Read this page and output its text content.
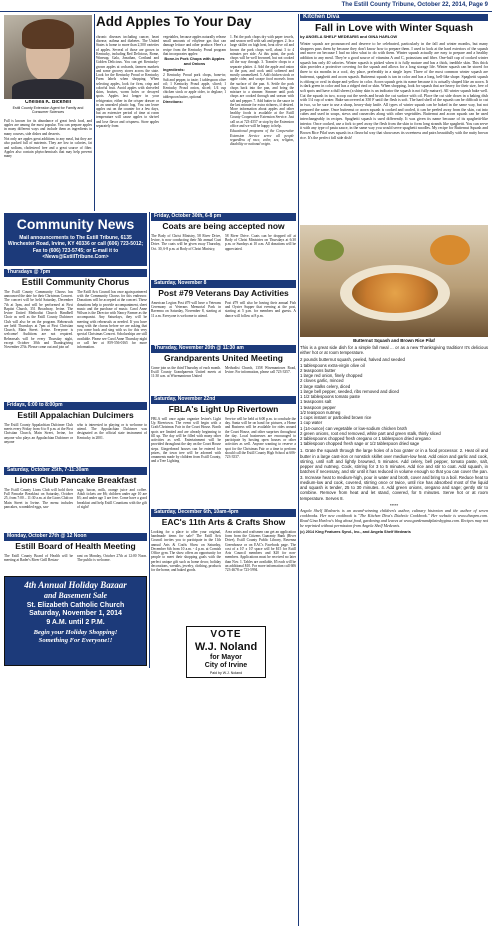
The Estill County Tribune, October 22, 2014, Page 9
Chelsea K. Bicknell
Estill County Extension Agent for Family and Consumer Sciences

Fall is known for its abundance of great fresh food, and apples are among the most popular. You can prepare apples in many different ways and include them as ingredients in many courses, side dishes and desserts.

Not only are apples great additions to any meal, but they are also packed full of nutrients. They are low in calories, fat and sodium, cholesterol free and a great source of fiber. Apples also contain phytochemicals that may help prevent many

Add Apples To Your Day
chronic diseases including cancer, heart disease, asthma and diabetes. The United States is home to more than 2,500 varieties of apples. Several of those are grown in Kentucky, including Red Delicious, Rome, Winesap, Gala, Jonathan, Cortland and Golden Delicious. You can get Kentucky-grown apples at orchards, farmers markets and some grocery stores across the state. Look for the Kentucky Proud or Kentucky Farm labels when shopping. When selecting apples, look for firm, crisp and colorful fruit. Avoid apples with shriveled skins, bruises, worm holes or decayed spots. Apples last longer in your refrigerator, either in the crisper drawer or in an unsealed plastic bag. You can leave apples out on the counter for a few days, but an extensive period of time at room temperature will cause apples to shrivel and lose flavor and crispness. Store apples separately from

vegetables, because apples naturally release small amounts of ethylene gas that can damage lettuce and other produce. Here's a recipe from the Kentucky Proud program that incorporates apples:

Bone-in Pork Chops with Apples and Onions

Ingredients:

2 Kentucky Proud pork chops, bone-in; Salt and pepper, to taste; 1 tablespoon olive oil; 1 Kentucky Proud apple, sliced; 1 Kentucky Proud onion, sliced; 1/4 cup chicken stock or apple cider, to deglaze; 1 tablespoon butter, optional

Directions:

1. Pat the pork chops dry with paper towels, and season well with salt and pepper. 2. In a large skillet on high heat, heat olive oil and brown the pork chops well, about 3 to 4 minutes per side. At this point, the pork chops will be well browned, but not cooked all the way through. 3. Transfer chops to a separate platter. 4. Add the apple and onion to the pan, and cook until softened and mostly caramelized. 5. Add chicken stock or apple cider, and scrape food morsels from the surface of the pan. 6. Settle the pork chops back into the pan, and bring the mixture to a simmer. Simmer until pork chops are cooked through and season with salt and pepper. 7. Add butter to the sauce in the last minute for extra richness, if desired. More information about apples and other healthy foods is available at the Estill County Cooperative Extension Service. Just call us at 723-4557 or stop by the Extension office and we will be happy to help.

Educational programs of the Cooperative Extension Service serve all people regardless of race, color, sex, religion, disability or national origin.

Community News
Mail announcements to The Estill Tribune, 6135 Winchester Road, Irvine, KY 40336 or call (606) 723-5012; Fax to (606) 723-5745; or E-mail it to <News@EstillTribune.Com>
Thursdays @ 7pm
Estill Community Chorus
The Estill County Community Chorus has announced the date for their Christmas Concert. The concert will be held Saturday, December 7th at 3pm, and will be performed at First Baptist Church, 351 Broadway, Irvine. The Irvine United Methodist Church Handbell Choir as well as the Estill County Dulcimer Club will also be on the program. Rehearsals are held Thursdays at 7pm at First Christian Church, Main Street. Irvine. Everyone is welcome! Auditions are not required. Rehearsals will be every Thursday night, except October 30th and Thanksgiving November 27th. Please come out and join us!
The Estill Arts Council has once again partnered with the Community Chorus for this endeavor. Donations will be accepted at the concert. These donations help to provide accompaniment, sheet music and the purchase of music. Carol Anne Wilson is the Director with Nancy Farmer as the accompanist. Any Saturdays, they will be meeting with rehearsals as needed. If you have sung with the chorus before we are asking that you come back and sing with us for this very special Christmas Concert. Scholarships are still available. Please see Carol Anne Thursday night or call her at 859-556-0165 for more information.
Fridays, 6:00 to 8:00pm
Estill Appalachian Dulcimers
The Estill County Appalachian Dulcimer Club meets every Friday from 6 to 8 p.m. at the First Christian Church, Main Street, Irvine, for anyone who plays an Appalachian Dulcimer or anyone
who is interested in playing or is welcome to attend. The Appalachian Dulcimer was designated as the official state instrument of Kentucky in 2001.
Saturday, October 25th, 7-11:30am
Lions Club Pancake Breakfast
The Estill County Lions Club will hold their Fall Pancake Breakfast on Saturday, October 25, from 7:00 – 11:30 a.m. at the Lions Club on Main Street in Irvine. The menu includes pancakes, scrambled eggs, sau-
sage, bacon, milk, orange juice and coffee. Adult tickets are $6; children under age 10 are $3; and under age 3 are free. Come have a good breakfast and help Estill Countians with the gift of sight!
Monday, October 27th @ 12 Noon
Estill Board of Health Meeting
The Estill County Board of Health will be meeting at Rader's River Grill Restau-
rant on Monday, October 27th at 12:00 Noon. The public is welcome.
4th Annual Holiday Bazaar
and Basement Sale
St. Elizabeth Catholic Church
Saturday, November 1, 2014
9 A.M. until 2 P.M.
Begin your Holiday Shopping!
Something For Everyone!!
Friday, October 30th, 6-8 pm
Coats are being accepted now
The Body of Christ Ministry, 58 River Drive, Irvine, is now conducting their 5th annual Coat Drive. The coats will be given away Thursday, Oct. 30, 6-8 p.m. at Body of Christ Ministry,
58 River Drive. Coats can be dropped off at Body of Christ Ministries on Thursdays at 6:30 p.m. or Sundays at 10 a.m. All donations will be appreciated.
Saturday, November 8
Post #79 Veterans Day Activities
American Legion Post #79 will have a Veterans Ceremony at Veterans Memorial Park in Ravenna on Saturday, November 8, starting at 11 a.m. Everyone is welcome to attend.
Post #79 will also be having their annual Fish and Oyster Supper that evening at the post, starting at 5 p.m. for members and guests. A dance will follow at 8 p.m.
Thursday, November 20th @ 11:30 am
Grandparents United Meeting
Come join us the third Thursday of each month. Estill County Grandparents United meets at 11:30 a.m. at Wisemantown United
Methodist Church, 1358 Wisemantown Road, Irvine. For information, please call 723-3357.
Saturday, November 22nd
FBLA's Light Up Rivertown
FBLA will once again organize Irvine's Light Up Rivertown. The event will begin with a Craft/Christmas Fair in the Court House. Booth spots are limited and are already beginning to fill up. The day will be filled with many other activities as well. Entertainment will be provided throughout the day on the Court House steps. Gingerbread houses can be entered for prizes, the town tree will be adorned with ornaments made by children from Estill County, and a Tree Lighting
Service will be held at 6:00 p.m. to conclude the day. Santa will be on hand for pictures, a Home and Business will be available for rides around the Court House, and other surprises throughout the day. Local businesses are encouraged to participate by hosting open houses or other activities as well. Anyone wanting to reserve a spot for the Christmas Fair or a time to perform should call the Estill County High School at 606-723-3537.
Saturday, December 6th, 10am-4pm
EAC's 11th Arts & Crafts Show
Looking for a place to offer your original, handmade items for sale? The Estill Arts Council invites you to participate in the 11th annual Arts & Crafts Show on Saturday, December 6th from 10 a.m. - 4 p.m. at Cornish Office gym. The show offers an opportunity for people to meet their shopping goals with the perfect unique gift such as home decor, holiday decorations, wreaths, jewelry, clothing, products for the home, and baked goods.
Area artists and craftsmen can get an application form from the Citizens Guaranty Bank (River Drive), Estill County Public Library, Ravenna Greenhouse or on EAC's Facebook page. The cost of a 10' x 10' space will be $15 for Estill Arts Council members and $20 for non-members. Applications must be received no later than Nov. 1. Tables are available, $5 each will be an additional $10. For more information call 606 723-4678 or 723-5994.
VOTE
W.J. Noland
for Mayor
City of Irvine
Paid by W.J. Noland
Kitchen Diva
Fall in Love with Winter Squash
by ANGELA SHELF MEDEARIS and GINA HARLOW
Winter squash are pronounced and deserve to be celebrated, particularly in the fall and winter months, but many shoppers pass them by because they don't know how to prepare them. I used to look at the hard exteriors of the squash and move on because I had no idea what to do with them. Winter squash actually are easy to prepare and a healthy addition to any meal. They're a good source of vitamins A and C, potassium and fiber. One-half cup of cooked winter squash has only 40 calories. Winter squash is picked when it is fully mature and has a thick, inedible skin. This thick skin provides a protective covering for the squash and allows for a long storage life. Winter squash can be stored for three to six months in a cool, dry place, preferably in a single layer. Three of the most common winter squash are butternut, spaghetti and acorn squash. Butternut squash is tan in color and has a long, bell-like shape. Spaghetti squash is oblong or oval in shape and yellow in color. Acorn squash gets its name because it is actually shaped like an acorn. It is dark green in color and has a ridged rind or skin. When shopping, look for squash that are heavy for their size, free of soft spots and have a dull sheen (a shiny skin is an indicator the squash is not fully mature). All winter squash bake well. Cut the squash in two, scoop out the seeds and brush the cut surface with oil. Place the cut side down in a baking dish with 1/4 cup of water. Bake uncovered at 350 F until the flesh is soft. The hard shell of the squash can be difficult to cut in two, so be sure to use a sharp, heavy-duty knife. All types of winter squash can be baked in the same way, but not prepared the same. Once butternut or acorn squash is cooked and cooled, it can be peeled away from the skin, cut into cubes and used in soups, stews and casseroles along with other vegetables. Butternut and acorn squash can be used interchangeably in recipes. Spaghetti squash is used differently. It was given its name because of its spaghetti-like interior. Once cooked, use a fork to peel away the flesh from the skin to form long strands like spaghetti. You can serve it with any type of pasta sauce, in the same way you would serve spaghetti noodles. My recipe for Butternut Squash and Brown Rice Pilaf uses squash in a flavorful way that showcases its sweetness and pairs beautifully with the nutty brown rice. It's the perfect fall side dish!
Butternut Squash and Brown Rice Pilaf

This is a great side dish for a simple fall meal ... or as a new Thanksgiving tradition! It's delicious either hot or at room temperature.

2 pounds butternut squash, peeled, halved and seeded
1 tablespoons extra-virgin olive oil
2 teaspoons butter
1 large red onion, finely chopped
2 cloves garlic, minced
2 large stalks celery, diced
1 large bell pepper, seeded, ribs removed and diced
1 1/2 tablespoons tomato paste
1 teaspoons salt
1 teaspoon pepper
1/2 teaspoon nutmeg
1 cups instant or parboiled brown rice
1 cup water
1 (14-ounce) can vegetable or low-sodium chicken broth
2 green onions, root end removed, white part and green stalk, thinly sliced
2 tablespoons chopped fresh oregano or 1 tablespoon dried oregano
1 tablespoon chopped fresh sage or 1/2 tablespoon dried sage

1. Grate the squash through the large holes of a box grater or in a food processor. 2. Heat oil and butter in a large cast-iron or nonstick skillet over medium-low heat. Add onion and garlic and cook, stirring, until soft and lightly browned, 5 minutes. Add celery, bell pepper, tomato paste, salt, pepper and nutmeg. Cook, stirring for 3 to 5 minutes. Add rice and stir to coat. Add squash, in batches if necessary, and stir until it has reduced in volume enough so that you can cover the pan. 3. Increase heat to medium-high, pour in water and broth, cover and bring to a boil. Reduce heat to medium-low and cook, covered, stirring once or twice, until rice has absorbed most of the liquid and squash is tender, 25 to 30 minutes. 4. Add green onions, oregano and sage; gently stir to combine. Remove from heat and let stand, covered, for 5 minutes. Serve hot or at room temperature. Serves 8.

*****

Angela Shelf Medearis is an award-winning children's author, culinary historian and the author of seven cookbooks. Her new cookbook is "The Kitchen Diva's Diabetic Cookbook." Her website is www.divapro.com. Read Gina Harlow's blog about food, gardening and leaves at www.gardenandplatesbygina.com. Recipes may not be reprinted without permission from Angela Shelf Medearis.

(c) 2014 King Features Synd., Inc., and Angela Shelf Medearis
